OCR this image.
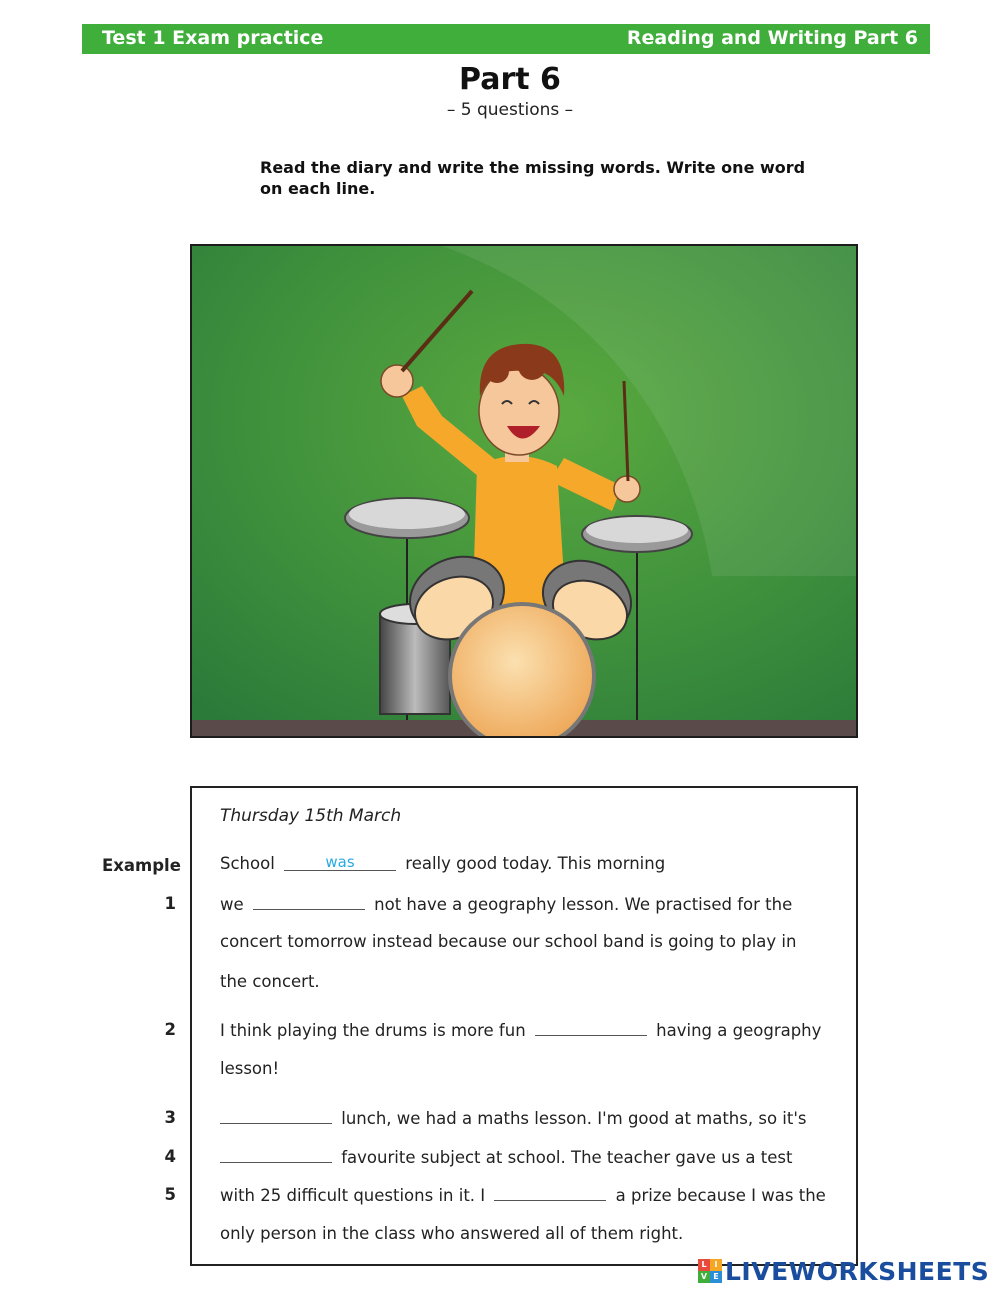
Test 1 Exam practice	Reading and Writing Part 6
Part 6
– 5 questions –
Read the diary and write the missing words. Write one word on each line.
Thursday 15th March
Example School	was	really good today. This morning
1	we	not have a geography lesson. We practised for the
concert tomorrow instead because our school band is going to play in
the concert.
2	I think playing the drums is more fun	having a geography
lesson!
3	lunch, we had a maths lesson. I'm good at maths, so it's
4	favourite subject at school. The teacher gave us a test
5	with 25 difficult questions in it. I	a prize because I was the
only person in the class who answered all of them right.
L I
V E LIVEWORKSHEETS
